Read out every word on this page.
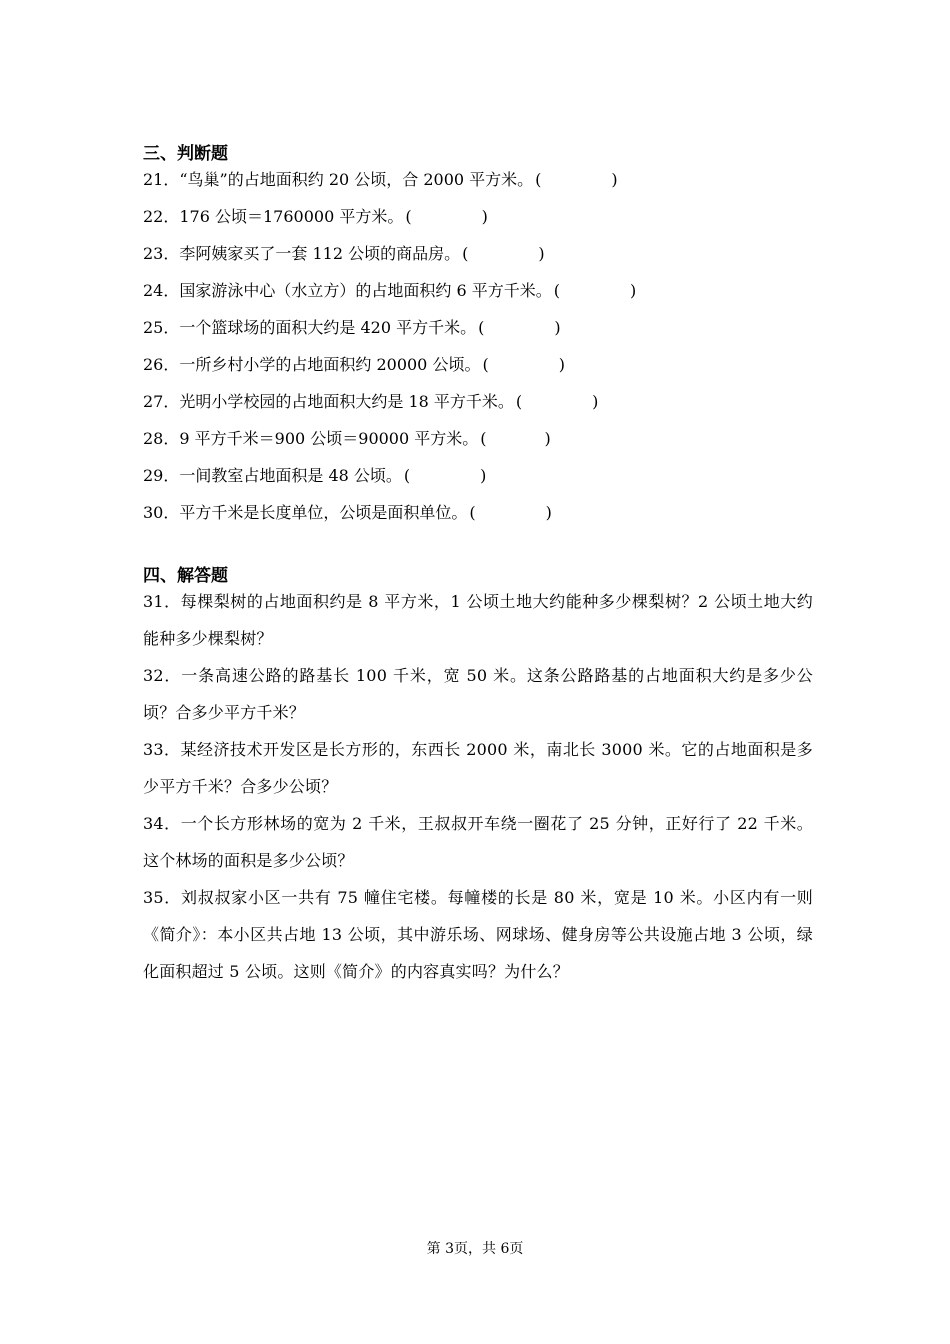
三、判断题
21．“鸟巢”的占地面积约 20 公顷，合 2000 平方米。 (	)
22．176 公顷＝1760000 平方米。 (	)
23．李阿姨家买了一套 112 公顷的商品房。 (	)
24．国家游泳中心（水立方）的占地面积约 6 平方千米。 (	)
25．一个篮球场的面积大约是 420 平方千米。 (	)
26．一所乡村小学的占地面积约 20000 公顷。 (	)
27．光明小学校园的占地面积大约是 18 平方千米。 (	)
28．9 平方千米＝900 公顷＝90000 平方米。 (	)
29．一间教室占地面积是 48 公顷。 (	)
30．平方千米是长度单位，公顷是面积单位。 (	)
四、解答题
31．每棵梨树的占地面积约是 8 平方米，1 公顷土地大约能种多少棵梨树？2 公顷土地大约能种多少棵梨树？
32．一条高速公路的路基长 100 千米，宽 50 米。这条公路路基的占地面积大约是多少公顷？合多少平方千米？
33．某经济技术开发区是长方形的，东西长 2000 米，南北长 3000 米。它的占地面积是多少平方千米？合多少公顷？
34．一个长方形林场的宽为 2 千米，王叔叔开车绕一圈花了 25 分钟，正好行了 22 千米。这个林场的面积是多少公顷？
35．刘叔叔家小区一共有 75 幢住宅楼。每幢楼的长是 80 米，宽是 10 米。小区内有一则《简介》：本小区共占地 13 公顷，其中游乐场、网球场、健身房等公共设施占地 3 公顷，绿化面积超过 5 公顷。这则《简介》的内容真实吗？为什么？
第 3页，共 6页
